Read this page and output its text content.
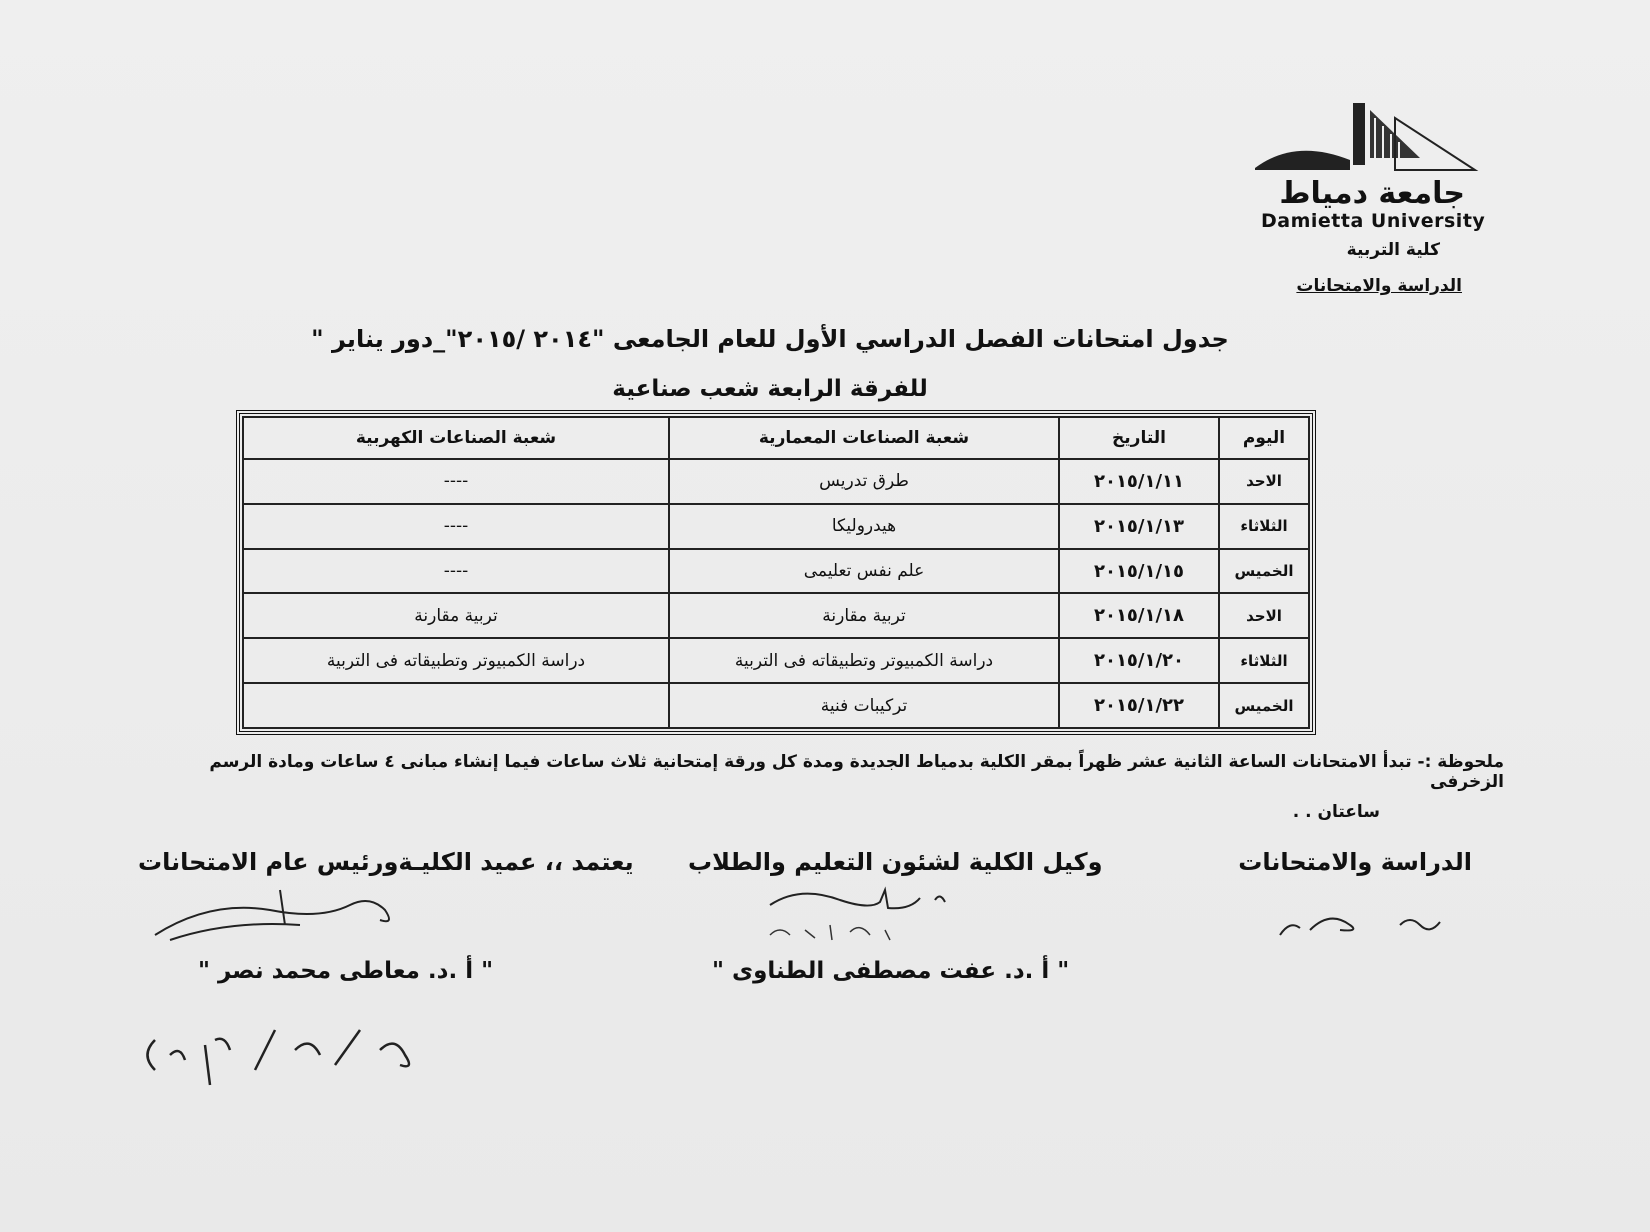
جامعة دمياط
Damietta University
كلية التربية
الدراسة والامتحانات
جدول امتحانات الفصل الدراسي الأول للعام الجامعى "٢٠١٤ /٢٠١٥"_دور يناير "
للفرقة الرابعة شعب صناعية
اليوم	التاريخ	شعبة الصناعات المعمارية	شعبة الصناعات الكهربية
الاحد	٢٠١٥/١/١١	طرق تدريس	----
الثلاثاء	٢٠١٥/١/١٣	هيدروليكا	----
الخميس	٢٠١٥/١/١٥	علم نفس تعليمى	----
الاحد	٢٠١٥/١/١٨	تربية مقارنة	تربية مقارنة
الثلاثاء	٢٠١٥/١/٢٠	دراسة الكمبيوتر وتطبيقاته فى التربية	دراسة الكمبيوتر وتطبيقاته فى التربية
الخميس	٢٠١٥/١/٢٢	تركيبات فنية	
ملحوظة :- تبدأ الامتحانات الساعة الثانية عشر ظهراً بمقر الكلية بدمياط الجديدة ومدة كل ورقة إمتحانية ثلاث ساعات فيما إنشاء مبانى ٤ ساعات ومادة الرسم الزخرفى
ساعتان . .
الدراسة والامتحانات
وكيل الكلية لشئون التعليم والطلاب
يعتمد ،، عميد الكليـةورئيس عام الامتحانات
" أ .د. عفت مصطفى الطناوى "
" أ .د. معاطى محمد نصر "
